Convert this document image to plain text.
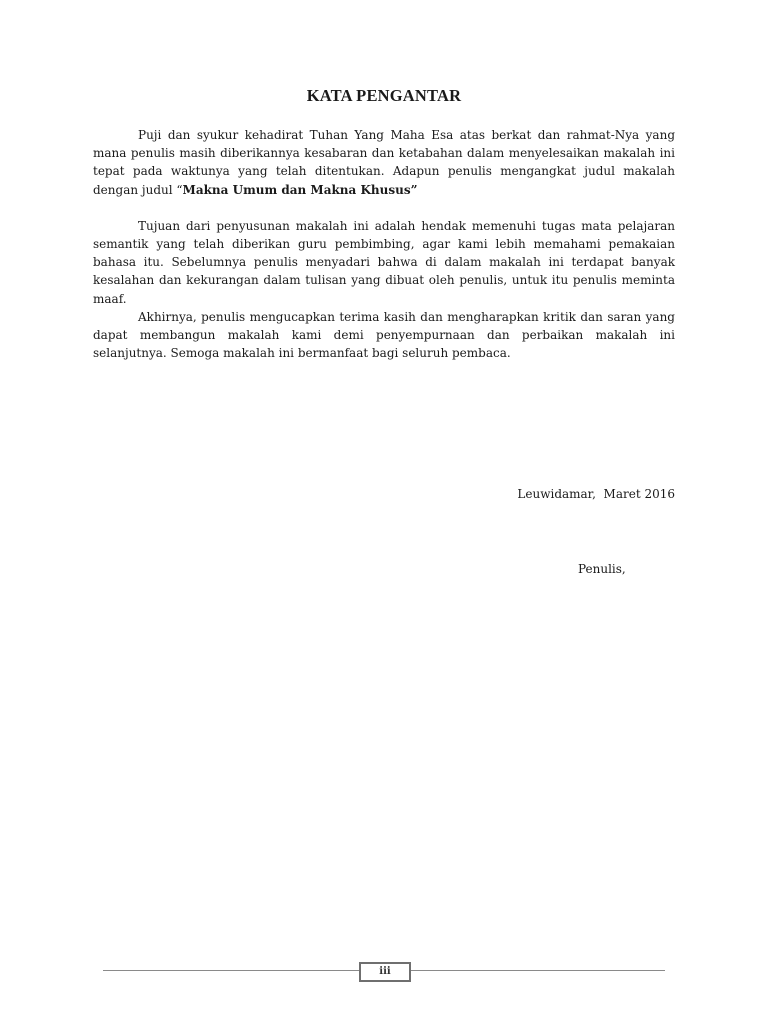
KATA PENGANTAR

Puji dan syukur kehadirat Tuhan Yang Maha Esa atas berkat dan rahmat-Nya yang mana penulis masih diberikannya kesabaran dan ketabahan dalam menyelesaikan makalah ini tepat pada waktunya yang telah ditentukan. Adapun penulis mengangkat judul makalah dengan judul “Makna Umum dan Makna Khusus”

Tujuan dari penyusunan makalah ini adalah hendak memenuhi tugas mata pelajaran semantik yang telah diberikan guru pembimbing, agar kami lebih memahami pemakaian bahasa itu. Sebelumnya penulis menyadari bahwa di dalam makalah ini terdapat banyak kesalahan dan kekurangan dalam tulisan yang dibuat oleh penulis, untuk itu penulis meminta maaf.

Akhirnya, penulis mengucapkan terima kasih dan mengharapkan kritik dan saran yang dapat membangun makalah kami demi penyempurnaan dan perbaikan makalah ini selanjutnya. Semoga makalah ini bermanfaat bagi seluruh pembaca.

Leuwidamar,  Maret 2016
Penulis,
iii
